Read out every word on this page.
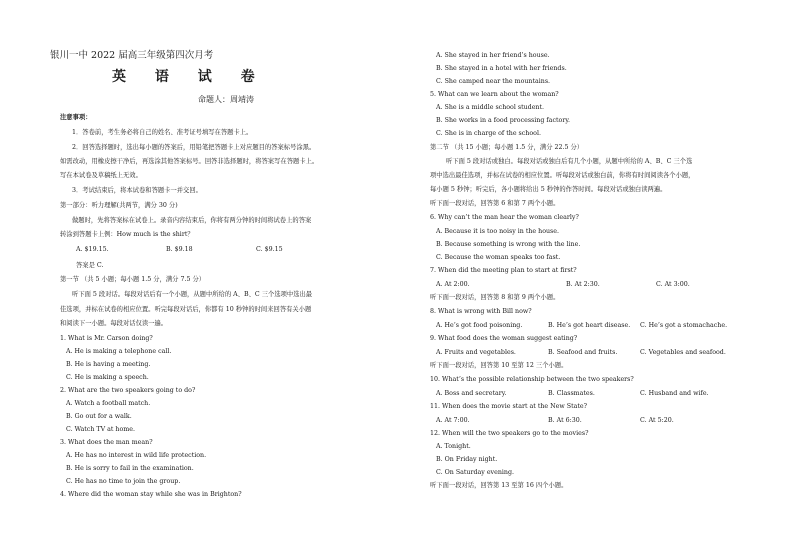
银川一中 2022 届高三年级第四次月考
英 语 试 卷
命题人：周靖涛
注意事项：
1．答卷前，考生务必将自己的姓名、准考证号填写在答题卡上。
2．回答选择题时，选出每小题的答案后，用铅笔把答题卡上对应题目的答案标号涂黑。
如需改动，用橡皮擦干净后，再选涂其他答案标号。回答非选择题时，将答案写在答题卡上。
写在本试卷及草稿纸上无效。
3．考试结束后，将本试卷和答题卡一并交回。
第一部分：听力理解(共两节，满分 30 分)
做题时，先将答案标在试卷上。录音内容结束后，你将有两分钟的时间将试卷上的答案
转涂到答题卡上例：How much is the shirt？
A. $19.15.	B. $9.18	C. $9.15
答案是 C.
第一节 （共 5 小题；每小题 1.5 分，满分 7.5 分）
听下面 5 段对话。每段对话后有一个小题，从题中所给的 A、B、C 三个选项中选出最
佳选项，并标在试卷的相应位置。听完每段对话后，你都有 10 秒钟的时间来回答有关小题
和阅读下一小题。每段对话仅读一遍。
1. What is Mr. Carson doing?
A. He is making a telephone call.
B. He is having a meeting.
C. He is making a speech.
2. What are the two speakers going to do?
A. Watch a football match.
B. Go out for a walk.
C. Watch TV at home.
3. What does the man mean?
A. He has no interest in wild life protection.
B. He is sorry to fail in the examination.
C. He has no time to join the group.
4. Where did the woman stay while she was in Brighton?
A. She stayed in her friend’s house.
B. She stayed in a hotel with her friends.
C. She camped near the mountains.
5. What can we learn about the woman?
A. She is a middle school student.
B. She works in a food processing factory.
C. She is in charge of the school.
第二节 （共 15 小题；每小题 1.5 分，满分 22.5 分）
听下面 5 段对话或独白。每段对话或独白后有几个小题，从题中所给的 A、B、C 三个选
项中选出最佳选项，并标在试卷的相应位置。听每段对话或独白前，你将有时间阅读各个小题，
每小题 5 秒钟；听完后，各小题将给出 5 秒钟的作答时间。每段对话或独白读两遍。
听下面一段对话，回答第 6 和第 7 两个小题。
6. Why can’t the man hear the woman clearly?
A. Because it is too noisy in the house.
B. Because something is wrong with the line.
C. Because the woman speaks too fast.
7. When did the meeting plan to start at first?
A. At 2:00.	B. At 2:30.	C. At 3:00.
听下面一段对话，回答第 8 和第 9 两个小题。
8. What is wrong with Bill now?
A. He’s got food poisoning.	B. He’s got heart disease. C. He’s got a stomachache.
9. What food does the woman suggest eating?
A. Fruits and vegetables.	B. Seafood and fruits.	C. Vegetables and seafood.
听下面一段对话，回答第 10 至第 12 三个小题。
10. What’s the possible relationship between the two speakers?
A. Boss and secretary.	B. Classmates.	C. Husband and wife.
11. When does the movie start at the New State?
A. At 7:00.	B. At 6:30.	C. At 5:20.
12. When will the two speakers go to the movies?
A. Tonight.
B. On Friday night.
C. On Saturday evening.
听下面一段对话，回答第 13 至第 16 四个小题。
